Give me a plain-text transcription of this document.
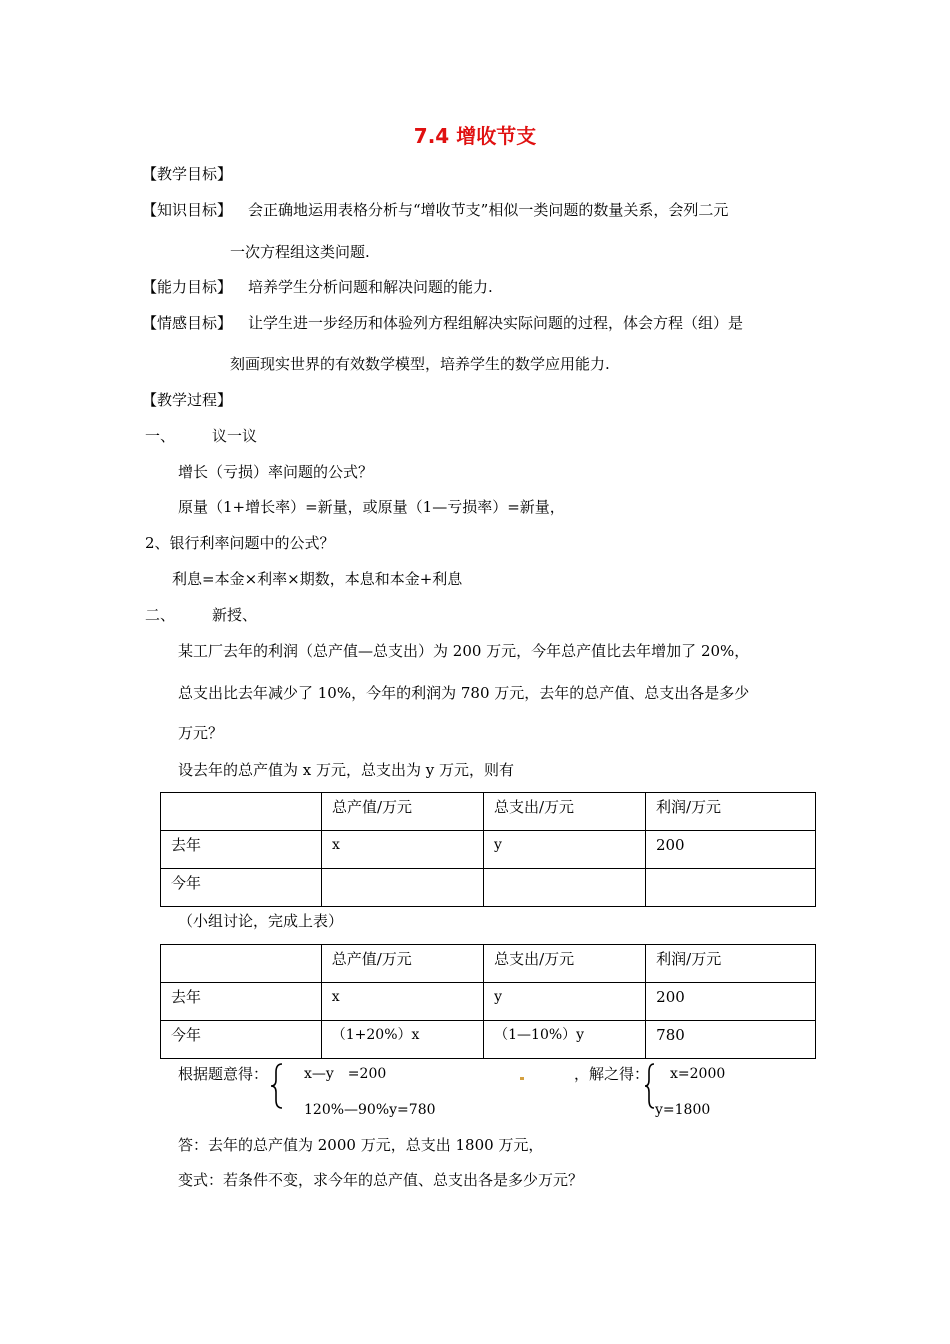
7.4 增收节支
【教学目标】
【知识目标】 会正确地运用表格分析与“增收节支”相似一类问题的数量关系，会列二元
一次方程组这类问题.
【能力目标】 培养学生分析问题和解决问题的能力.
【情感目标】 让学生进一步经历和体验列方程组解决实际问题的过程，体会方程（组）是
刻画现实世界的有效数学模型，培养学生的数学应用能力.
【教学过程】
一、 议一议
增长（亏损）率问题的公式？
原量（1+增长率）=新量，或原量（1—亏损率）=新量，
2、银行利率问题中的公式？
利息=本金×利率×期数，本息和本金+利息
二、 新授、
某工厂去年的利润（总产值—总支出）为 200 万元，今年总产值比去年增加了 20%，
总支出比去年减少了 10%，今年的利润为 780 万元，去年的总产值、总支出各是多少
万元？
设去年的总产值为 x 万元，总支出为 y 万元，则有
	总产值/万元	总支出/万元	利润/万元
去年	x	y	200
今年			
（小组讨论，完成上表）
	总产值/万元	总支出/万元	利润/万元
去年	x	y	200
今年	（1+20%）x	（1—10%）y	780
根据题意得：	x—y　=200
120%—90%y=780
，解之得： x=2000
y=1800
答：去年的总产值为 2000 万元，总支出 1800 万元，
变式：若条件不变，求今年的总产值、总支出各是多少万元？
